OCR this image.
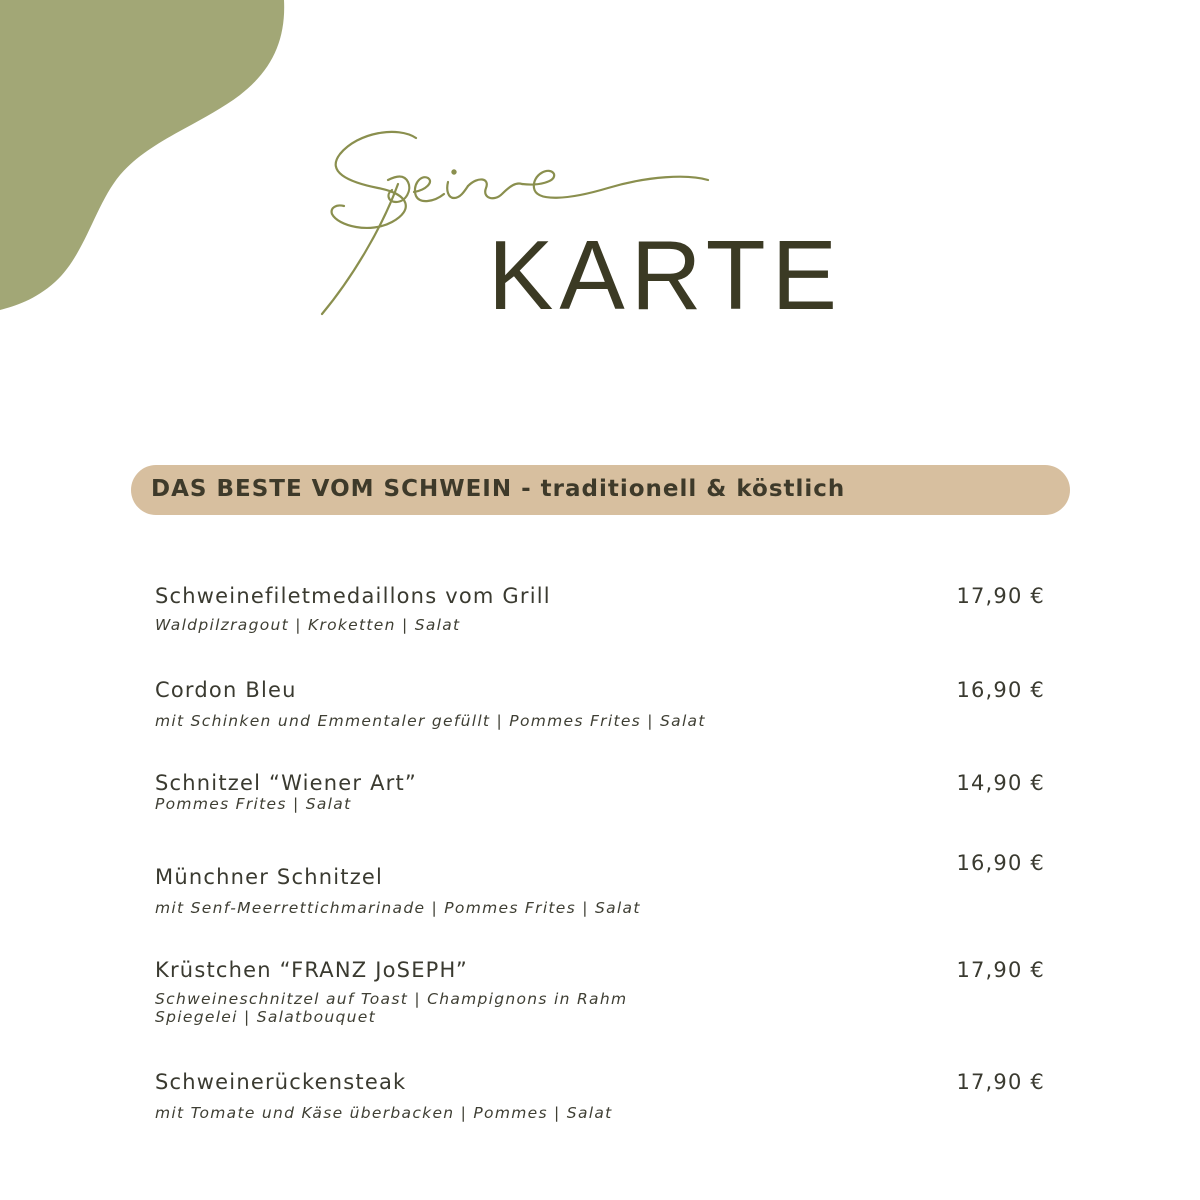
KARTE
DAS BESTE VOM SCHWEIN - traditionell & köstlich
Schweinefiletmedaillons vom Grill
Waldpilzragout | Kroketten | Salat
17,90 €
Cordon Bleu
mit Schinken und Emmentaler gefüllt | Pommes Frites | Salat
16,90 €
Schnitzel “Wiener Art”
Pommes Frites | Salat
14,90 €
Münchner Schnitzel
mit Senf-Meerrettichmarinade | Pommes Frites | Salat
16,90 €
Krüstchen “FRANZ JoSEPH”
Schweineschnitzel auf Toast | Champignons in Rahm
Spiegelei | Salatbouquet
17,90 €
Schweinerückensteak
mit Tomate und Käse überbacken | Pommes | Salat
17,90 €
